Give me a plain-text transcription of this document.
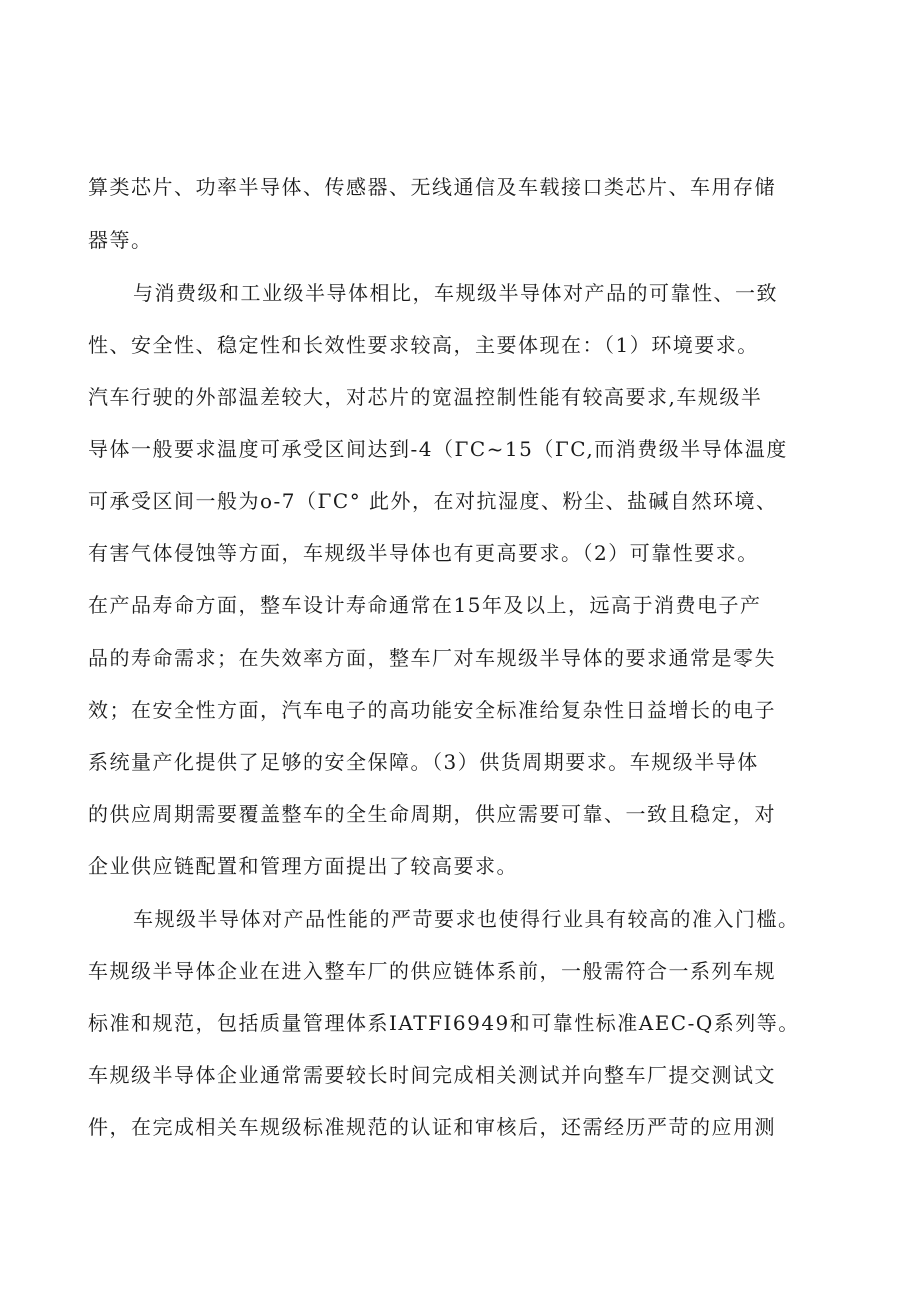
算类芯片、功率半导体、传感器、无线通信及车载接口类芯片、车用存储
器等。
与消费级和工业级半导体相比，车规级半导体对产品的可靠性、一致
性、安全性、稳定性和长效性要求较高，主要体现在：（1）环境要求。
汽车行驶的外部温差较大，对芯片的宽温控制性能有较高要求,车规级半
导体一般要求温度可承受区间达到-4（ΓC~15（ΓC,而消费级半导体温度
可承受区间一般为o-7（ΓC° 此外，在对抗湿度、粉尘、盐碱自然环境、
有害气体侵蚀等方面，车规级半导体也有更高要求。（2）可靠性要求。
在产品寿命方面，整车设计寿命通常在15年及以上，远高于消费电子产
品的寿命需求；在失效率方面，整车厂对车规级半导体的要求通常是零失
效；在安全性方面，汽车电子的高功能安全标准给复杂性日益增长的电子
系统量产化提供了足够的安全保障。（3）供货周期要求。车规级半导体
的供应周期需要覆盖整车的全生命周期，供应需要可靠、一致且稳定，对
企业供应链配置和管理方面提出了较高要求。
车规级半导体对产品性能的严苛要求也使得行业具有较高的准入门槛。
车规级半导体企业在进入整车厂的供应链体系前，一般需符合一系列车规
标准和规范，包括质量管理体系IATFI6949和可靠性标准AEC-Q系列等。
车规级半导体企业通常需要较长时间完成相关测试并向整车厂提交测试文
件，在完成相关车规级标准规范的认证和审核后，还需经历严苛的应用测
